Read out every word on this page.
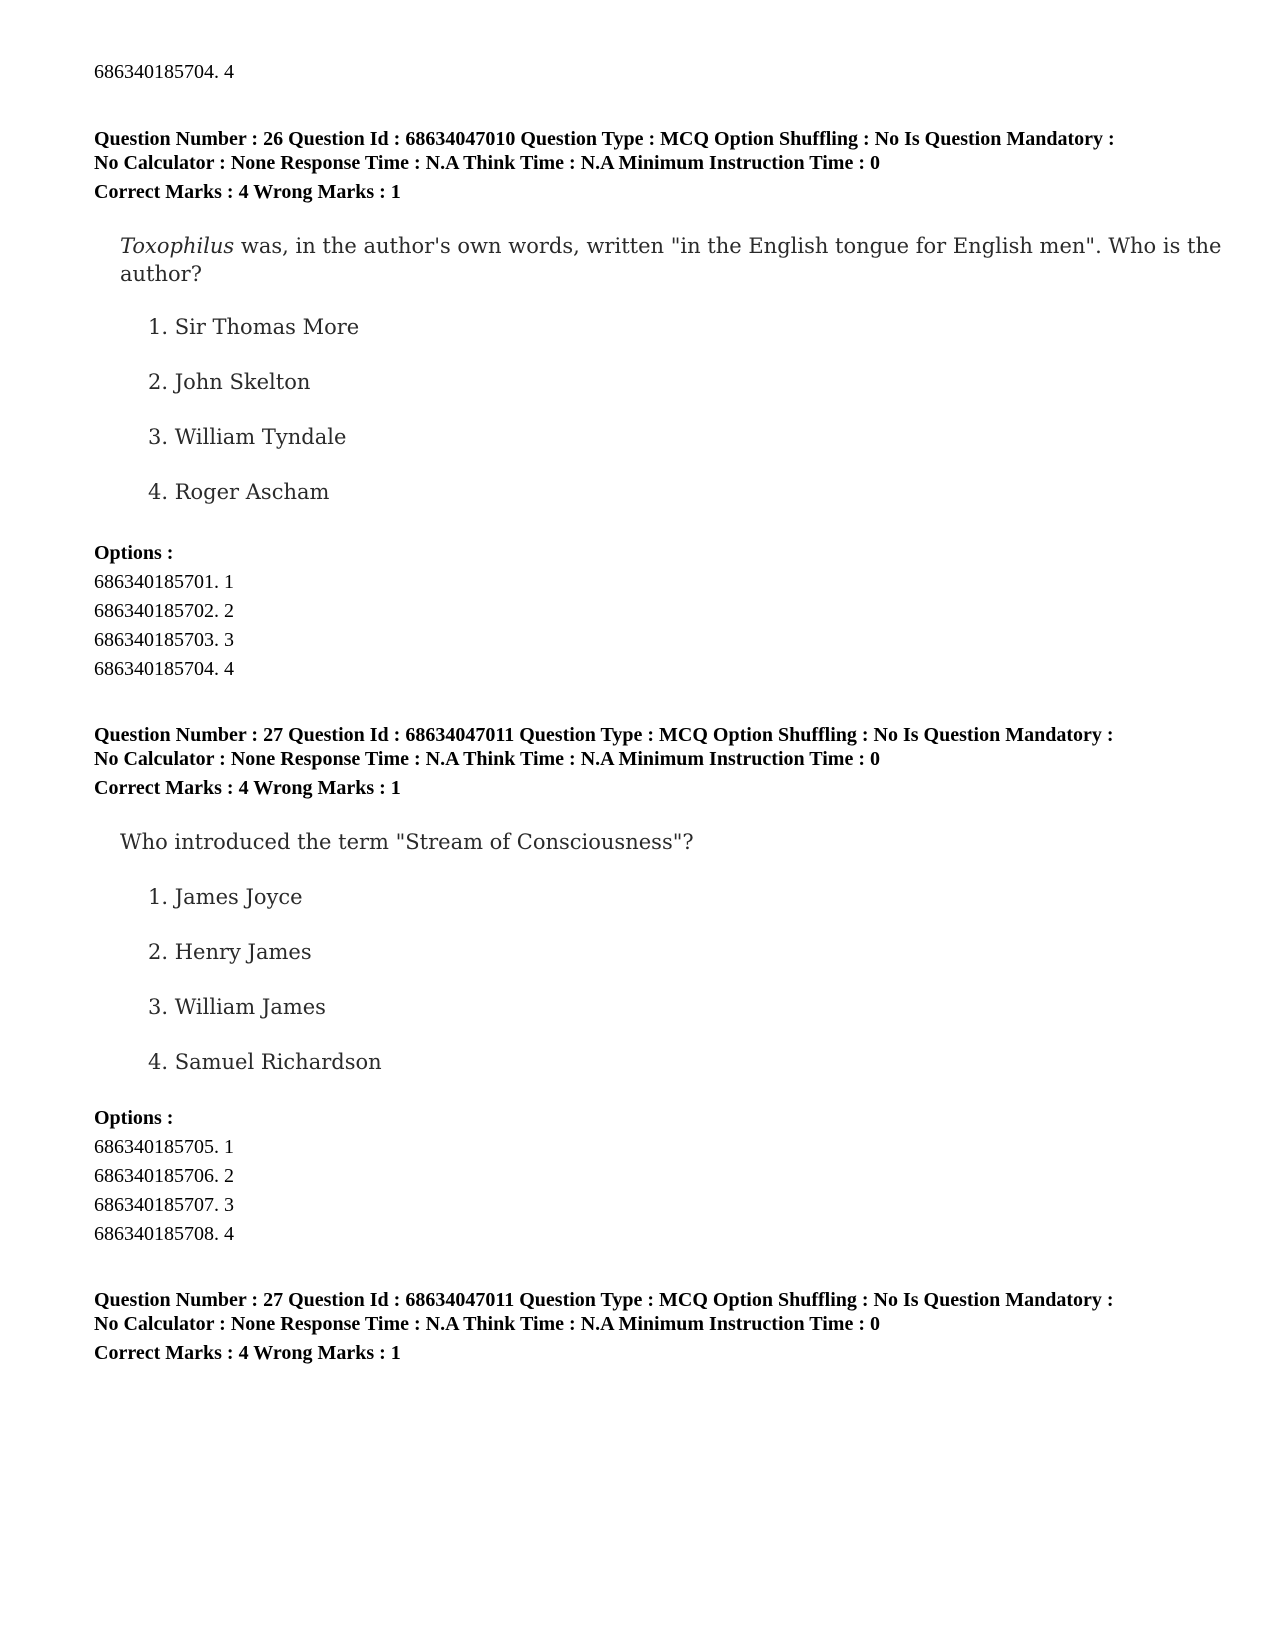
686340185704. 4
Question Number : 26 Question Id : 68634047010 Question Type : MCQ Option Shuffling : No Is Question Mandatory :
No Calculator : None Response Time : N.A Think Time : N.A Minimum Instruction Time : 0
Correct Marks : 4 Wrong Marks : 1
Toxophilus was, in the author's own words, written "in the English tongue for English men". Who is the
author?
1. Sir Thomas More
2. John Skelton
3. William Tyndale
4. Roger Ascham
Options :
686340185701. 1
686340185702. 2
686340185703. 3
686340185704. 4
Question Number : 27 Question Id : 68634047011 Question Type : MCQ Option Shuffling : No Is Question Mandatory :
No Calculator : None Response Time : N.A Think Time : N.A Minimum Instruction Time : 0
Correct Marks : 4 Wrong Marks : 1
Who introduced the term "Stream of Consciousness"?
1. James Joyce
2. Henry James
3. William James
4. Samuel Richardson
Options :
686340185705. 1
686340185706. 2
686340185707. 3
686340185708. 4
Question Number : 27 Question Id : 68634047011 Question Type : MCQ Option Shuffling : No Is Question Mandatory :
No Calculator : None Response Time : N.A Think Time : N.A Minimum Instruction Time : 0
Correct Marks : 4 Wrong Marks : 1
